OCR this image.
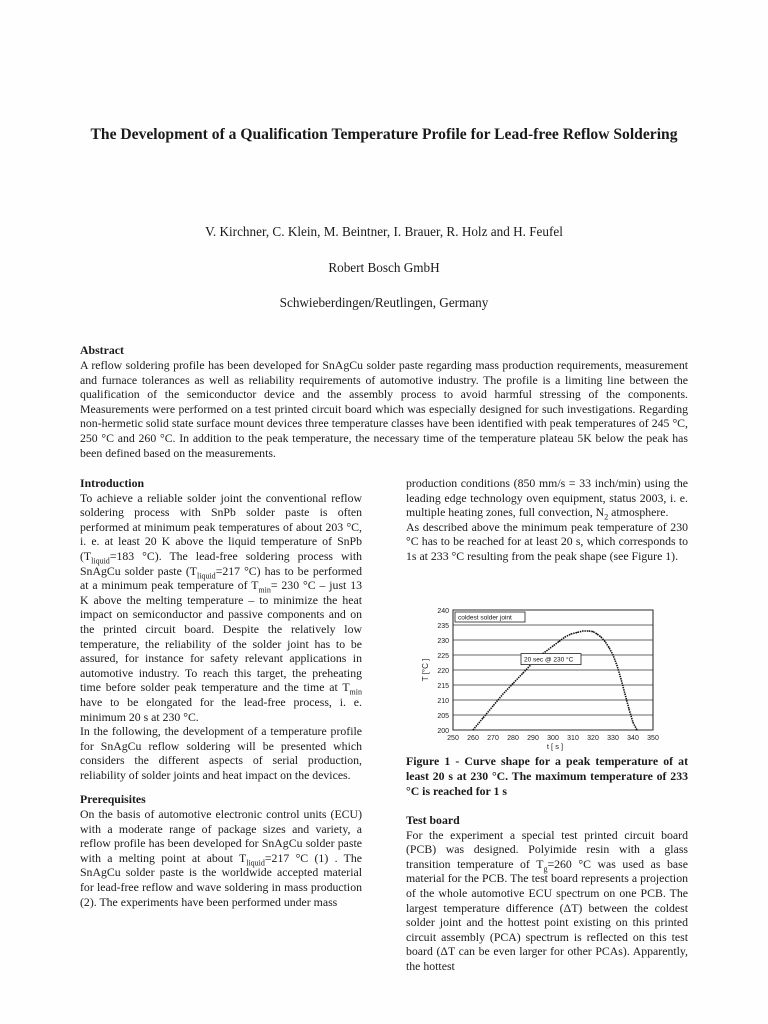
The Development of a Qualification Temperature Profile for Lead-free Reflow Soldering
V. Kirchner, C. Klein, M. Beintner, I. Brauer, R. Holz and H. Feufel
Robert Bosch GmbH
Schwieberdingen/Reutlingen, Germany
Abstract
A reflow soldering profile has been developed for SnAgCu solder paste regarding mass production requirements, measurement and furnace tolerances as well as reliability requirements of automotive industry. The profile is a limiting line between the qualification of the semiconductor device and the assembly process to avoid harmful stressing of the components. Measurements were performed on a test printed circuit board which was especially designed for such investigations. Regarding non-hermetic solid state surface mount devices three temperature classes have been identified with peak temperatures of 245 °C, 250 °C and 260 °C. In addition to the peak temperature, the necessary time of the temperature plateau 5K below the peak has been defined based on the measurements.

Introduction

To achieve a reliable solder joint the conventional reflow soldering process with SnPb solder paste is often performed at minimum peak temperatures of about 203 °C, i. e. at least 20 K above the liquid temperature of SnPb ($T_{liquid}=183$ °C). The lead-free soldering process with SnAgCu solder paste ($T_{liquid}=217$ °C) has to be performed at a minimum peak temperature of $T_{min}= 230$ °C – just 13 K above the melting temperature – to minimize the heat impact on semiconductor and passive components and on the printed circuit board. Despite the relatively low temperature, the reliability of the solder joint has to be assured, for instance for safety relevant applications in automotive industry. To reach this target, the preheating time before solder peak temperature and the time at $T_{min}$ have to be elongated for the lead-free process, i. e. minimum 20 s at 230 °C.

In the following, the development of a temperature profile for SnAgCu reflow soldering will be presented which considers the different aspects of serial production, reliability of solder joints and heat impact on the devices.

Prerequisites

On the basis of automotive electronic control units (ECU) with a moderate range of package sizes and variety, a reflow profile has been developed for SnAgCu solder paste with a melting point at about $T_{liquid}=217$ °C (1) . The SnAgCu solder paste is the worldwide accepted material for lead-free reflow and wave soldering in mass production (2). The experiments have been performed under mass

production conditions (850 mm/s = 33 inch/min) using the leading edge technology oven equipment, status 2003, i. e. multiple heating zones, full convection, $N_2$ atmosphere.

As described above the minimum peak temperature of 230 °C has to be reached for at least 20 s, which corresponds to 1s at 233 °C resulting from the peak shape (see Figure 1).

200
205
210
215
220
225
230
235
240
250 260 270 280 290 300 310 320 330 340 350
t [ s ]
T [°C ]
coldest solder joint
20 sec @ 230 °C
Figure 1 - Curve shape for a peak temperature of at least 20 s at 230 °C. The maximum temperature of 233 °C is reached for 1 s

Test board

For the experiment a special test printed circuit board (PCB) was designed. Polyimide resin with a glass transition temperature of $T_g=260$ °C was used as base material for the PCB. The test board represents a projection of the whole automotive ECU spectrum on one PCB. The largest temperature difference (ΔT) between the coldest solder joint and the hottest point existing on this printed circuit assembly (PCA) spectrum is reflected on this test board (ΔT can be even larger for other PCAs). Apparently, the hottest
